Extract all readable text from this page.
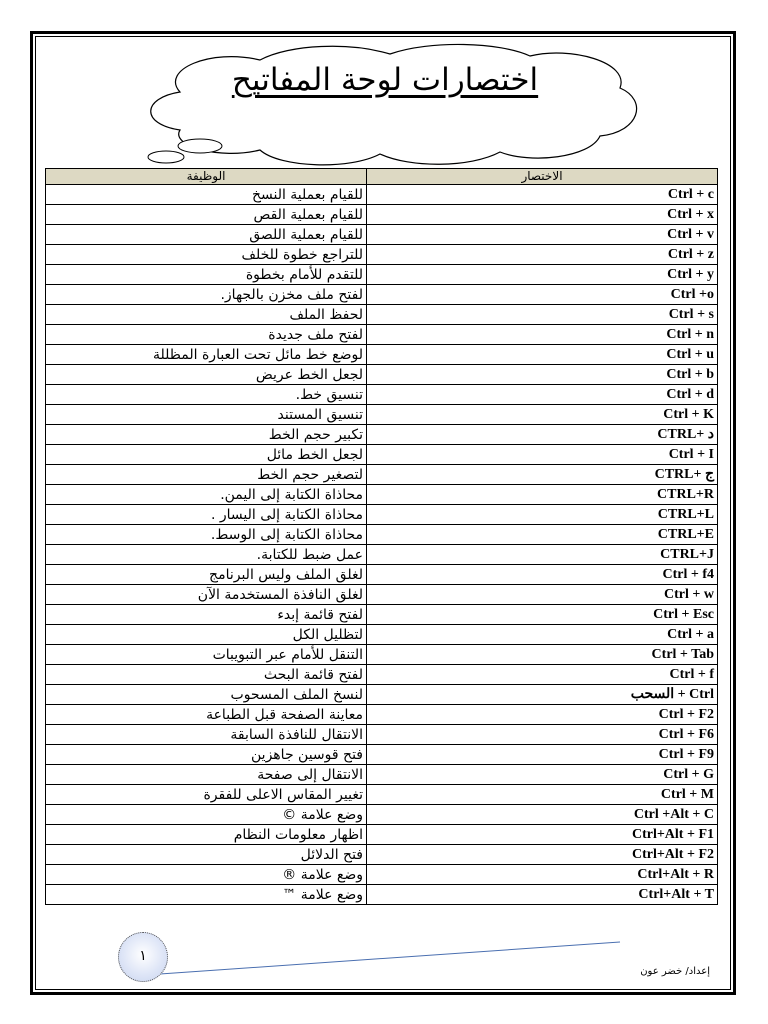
اختصارات لوحة المفاتيح
الوظيفة	الاختصار
للقيام بعملية النسخ	Ctrl + c
للقيام بعملية القص	Ctrl + x
للقيام بعملية اللصق	Ctrl + v
للتراجع خطوة للخلف	Ctrl + z
للتقدم للأمام بخطوة	Ctrl + y
لفتح ملف مخزن بالجهاز.	Ctrl +o
لحفظ الملف	Ctrl + s
لفتح ملف جديدة	Ctrl + n
لوضع خط مائل تحت العبارة المظللة	Ctrl + u
لجعل الخط عريض	Ctrl + b
تنسيق خط.	Ctrl + d
تنسيق المستند	Ctrl + K
تكبير حجم الخط	CTRL+ د
لجعل الخط مائل	Ctrl + I
لتصغير حجم الخط	CTRL+ ج
محاذاة الكتابة إلى اليمن.	CTRL+R
محاذاة الكتابة إلى اليسار .	CTRL+L
محاذاة الكتابة إلى الوسط.	CTRL+E
عمل ضبط للكتابة.	CTRL+J
لغلق الملف وليس البرنامج	Ctrl + f4
لغلق النافذة المستخدمة الآن	Ctrl + w
لفتح قائمة إبدء	Ctrl + Esc
لتظليل الكل	Ctrl + a
التنقل للأمام عبر التبويبات	Ctrl + Tab
لفتح قائمة البحث	Ctrl + f
لنسخ الملف المسحوب	السحب + Ctrl
معاينة الصفحة قبل الطباعة	Ctrl + F2
الانتقال للنافذة السابقة	Ctrl + F6
فتح قوسين جاهزين	Ctrl + F9
الانتقال إلى صفحة	Ctrl + G
تغيير المقاس الاعلى للفقرة	Ctrl + M
وضع علامة ©	Ctrl +Alt + C
اظهار معلومات النظام	Ctrl+Alt + F1
فتح الدلائل	Ctrl+Alt + F2
وضع علامة ®	Ctrl+Alt + R
وضع علامة ™	Ctrl+Alt + T
١
إعداد/ خضر عون
